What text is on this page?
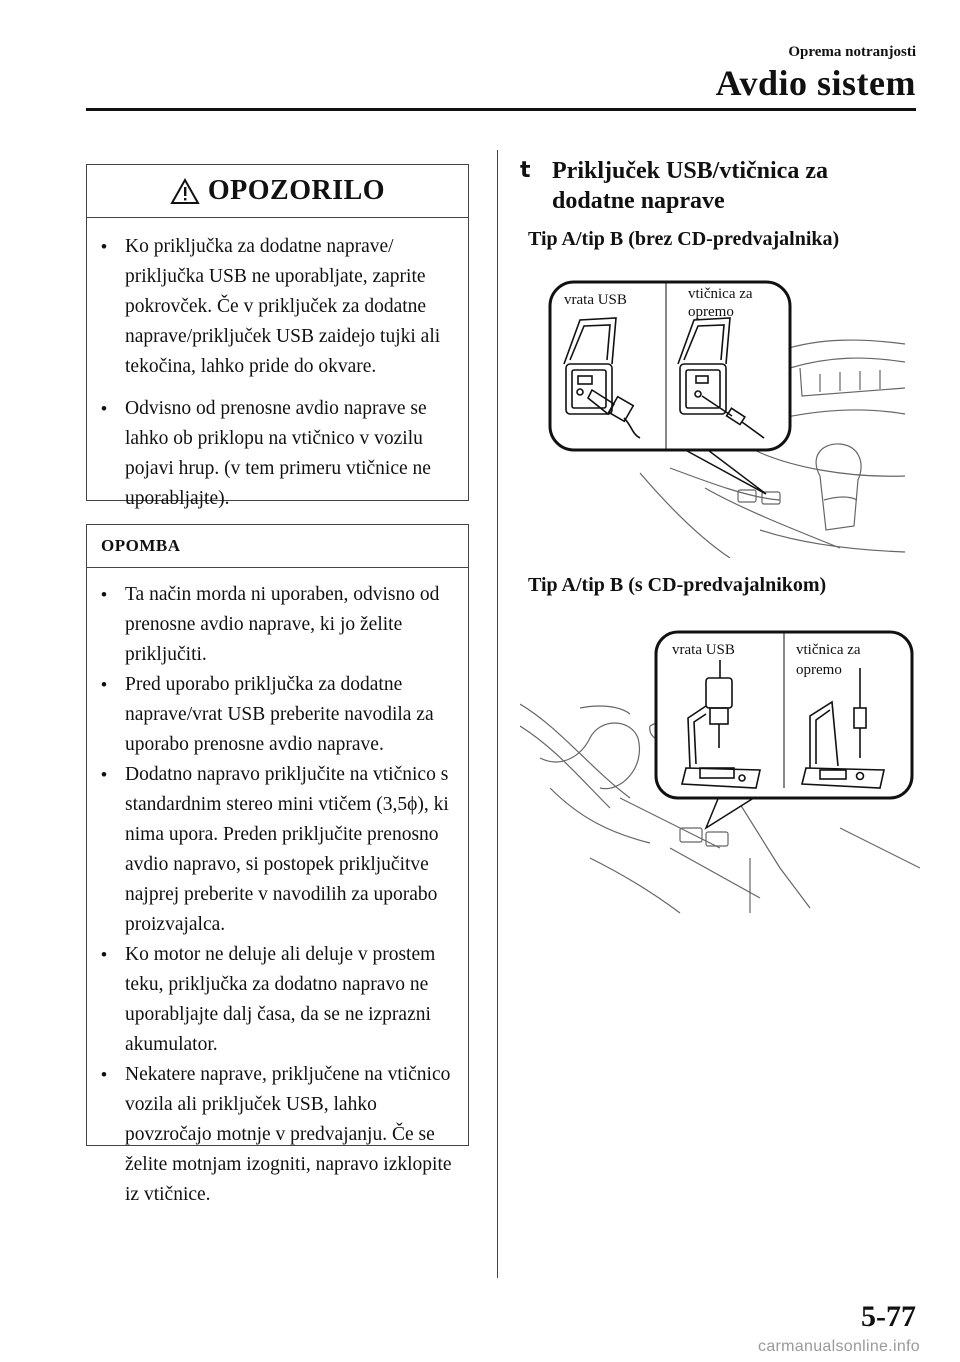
Oprema notranjosti
Avdio sistem
OPOZORILO
• Ko priključka za dodatne naprave/ priključka USB ne uporabljate, zaprite pokrovček. Če v priključek za dodatne naprave/priključek USB zaidejo tujki ali tekočina, lahko pride do okvare.
• Odvisno od prenosne avdio naprave se lahko ob priklopu na vtičnico v vozilu pojavi hrup. (v tem primeru vtičnice ne uporabljajte).
OPOMBA
• Ta način morda ni uporaben, odvisno od prenosne avdio naprave, ki jo želite priključiti.
• Pred uporabo priključka za dodatne naprave/vrat USB preberite navodila za uporabo prenosne avdio naprave.
• Dodatno napravo priključite na vtičnico s standardnim stereo mini vtičem (3,5ϕ), ki nima upora. Preden priključite prenosno avdio napravo, si postopek priključitve najprej preberite v navodilih za uporabo proizvajalca.
• Ko motor ne deluje ali deluje v prostem teku, priključka za dodatno napravo ne uporabljajte dalj časa, da se ne izprazni akumulator.
• Nekatere naprave, priključene na vtičnico vozila ali priključek USB, lahko povzročajo motnje v predvajanju. Če se želite motnjam izogniti, napravo izklopite iz vtičnice.
t Priključek USB/vtičnica za dodatne naprave
Tip A/tip B (brez CD-predvajalnika)
vrata USB	vtičnica za
opremo
Tip A/tip B (s CD-predvajalnikom)
vrata USB	vtičnica za
opremo
5-77
carmanualsonline.info
